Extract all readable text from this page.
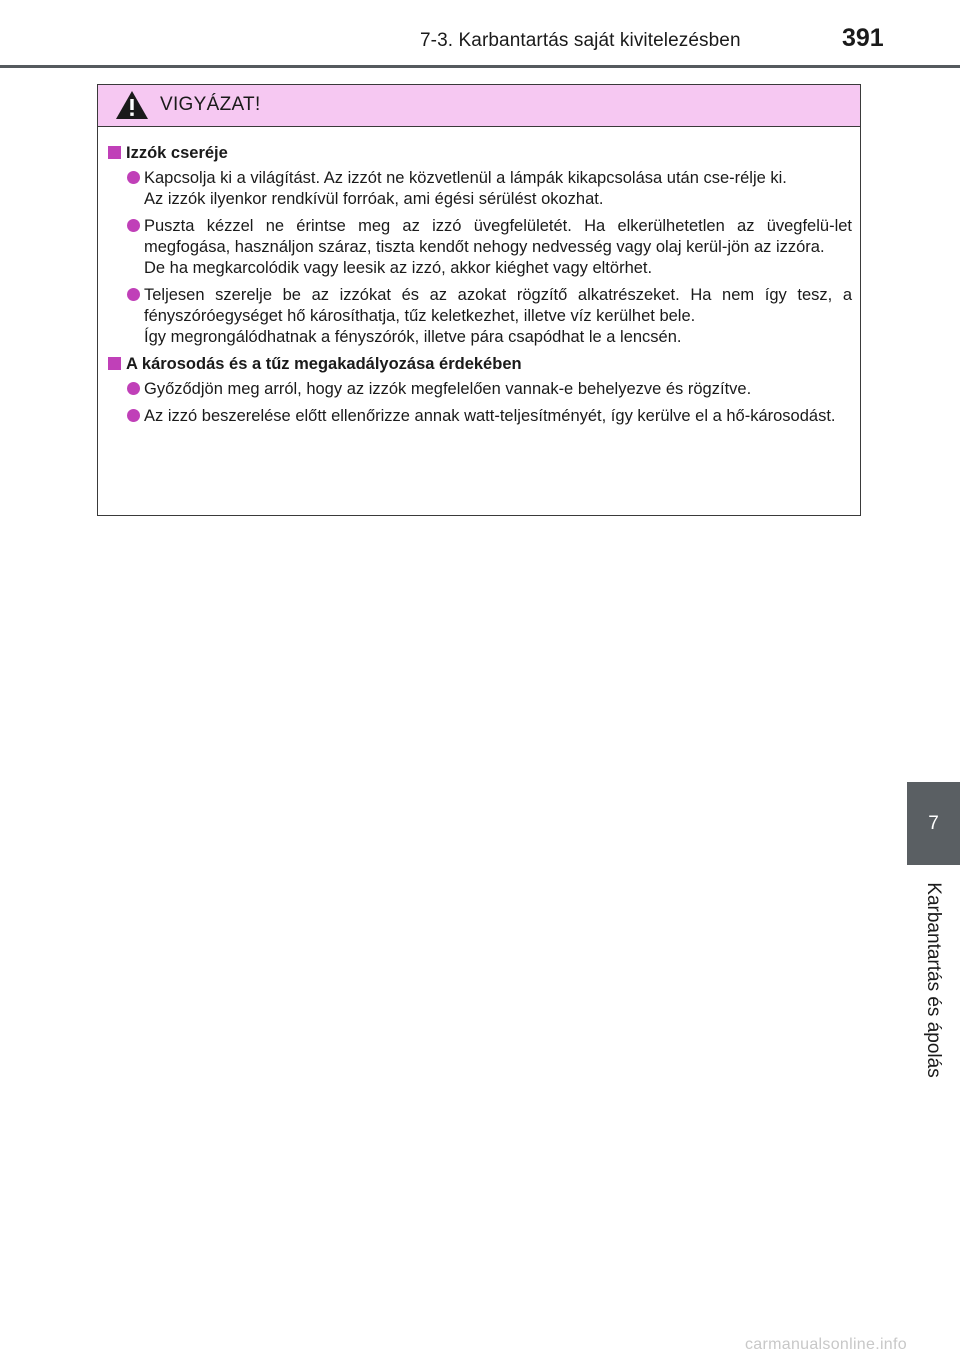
7-3. Karbantartás saját kivitelezésben	391
VIGYÁZAT!
Izzók cseréje

Kapcsolja ki a világítást. Az izzót ne közvetlenül a lámpák kikapcsolása után cse-rélje ki.

Az izzók ilyenkor rendkívül forróak, ami égési sérülést okozhat.

Puszta kézzel ne érintse meg az izzó üvegfelületét. Ha elkerülhetetlen az üvegfelü-let megfogása, használjon száraz, tiszta kendőt nehogy nedvesség vagy olaj kerül-jön az izzóra.

De ha megkarcolódik vagy leesik az izzó, akkor kiéghet vagy eltörhet.

Teljesen szerelje be az izzókat és az azokat rögzítő alkatrészeket. Ha nem így tesz, a fényszóróegységet hő károsíthatja, tűz keletkezhet, illetve víz kerülhet bele.

Így megrongálódhatnak a fényszórók, illetve pára csapódhat le a lencsén.

A károsodás és a tűz megakadályozása érdekében

Győződjön meg arról, hogy az izzók megfelelően vannak-e behelyezve és rögzítve.

Az izzó beszerelése előtt ellenőrizze annak watt-teljesítményét, így kerülve el a hő-károsodást.

7
Karbantartás és ápolás
carmanualsonline.info
